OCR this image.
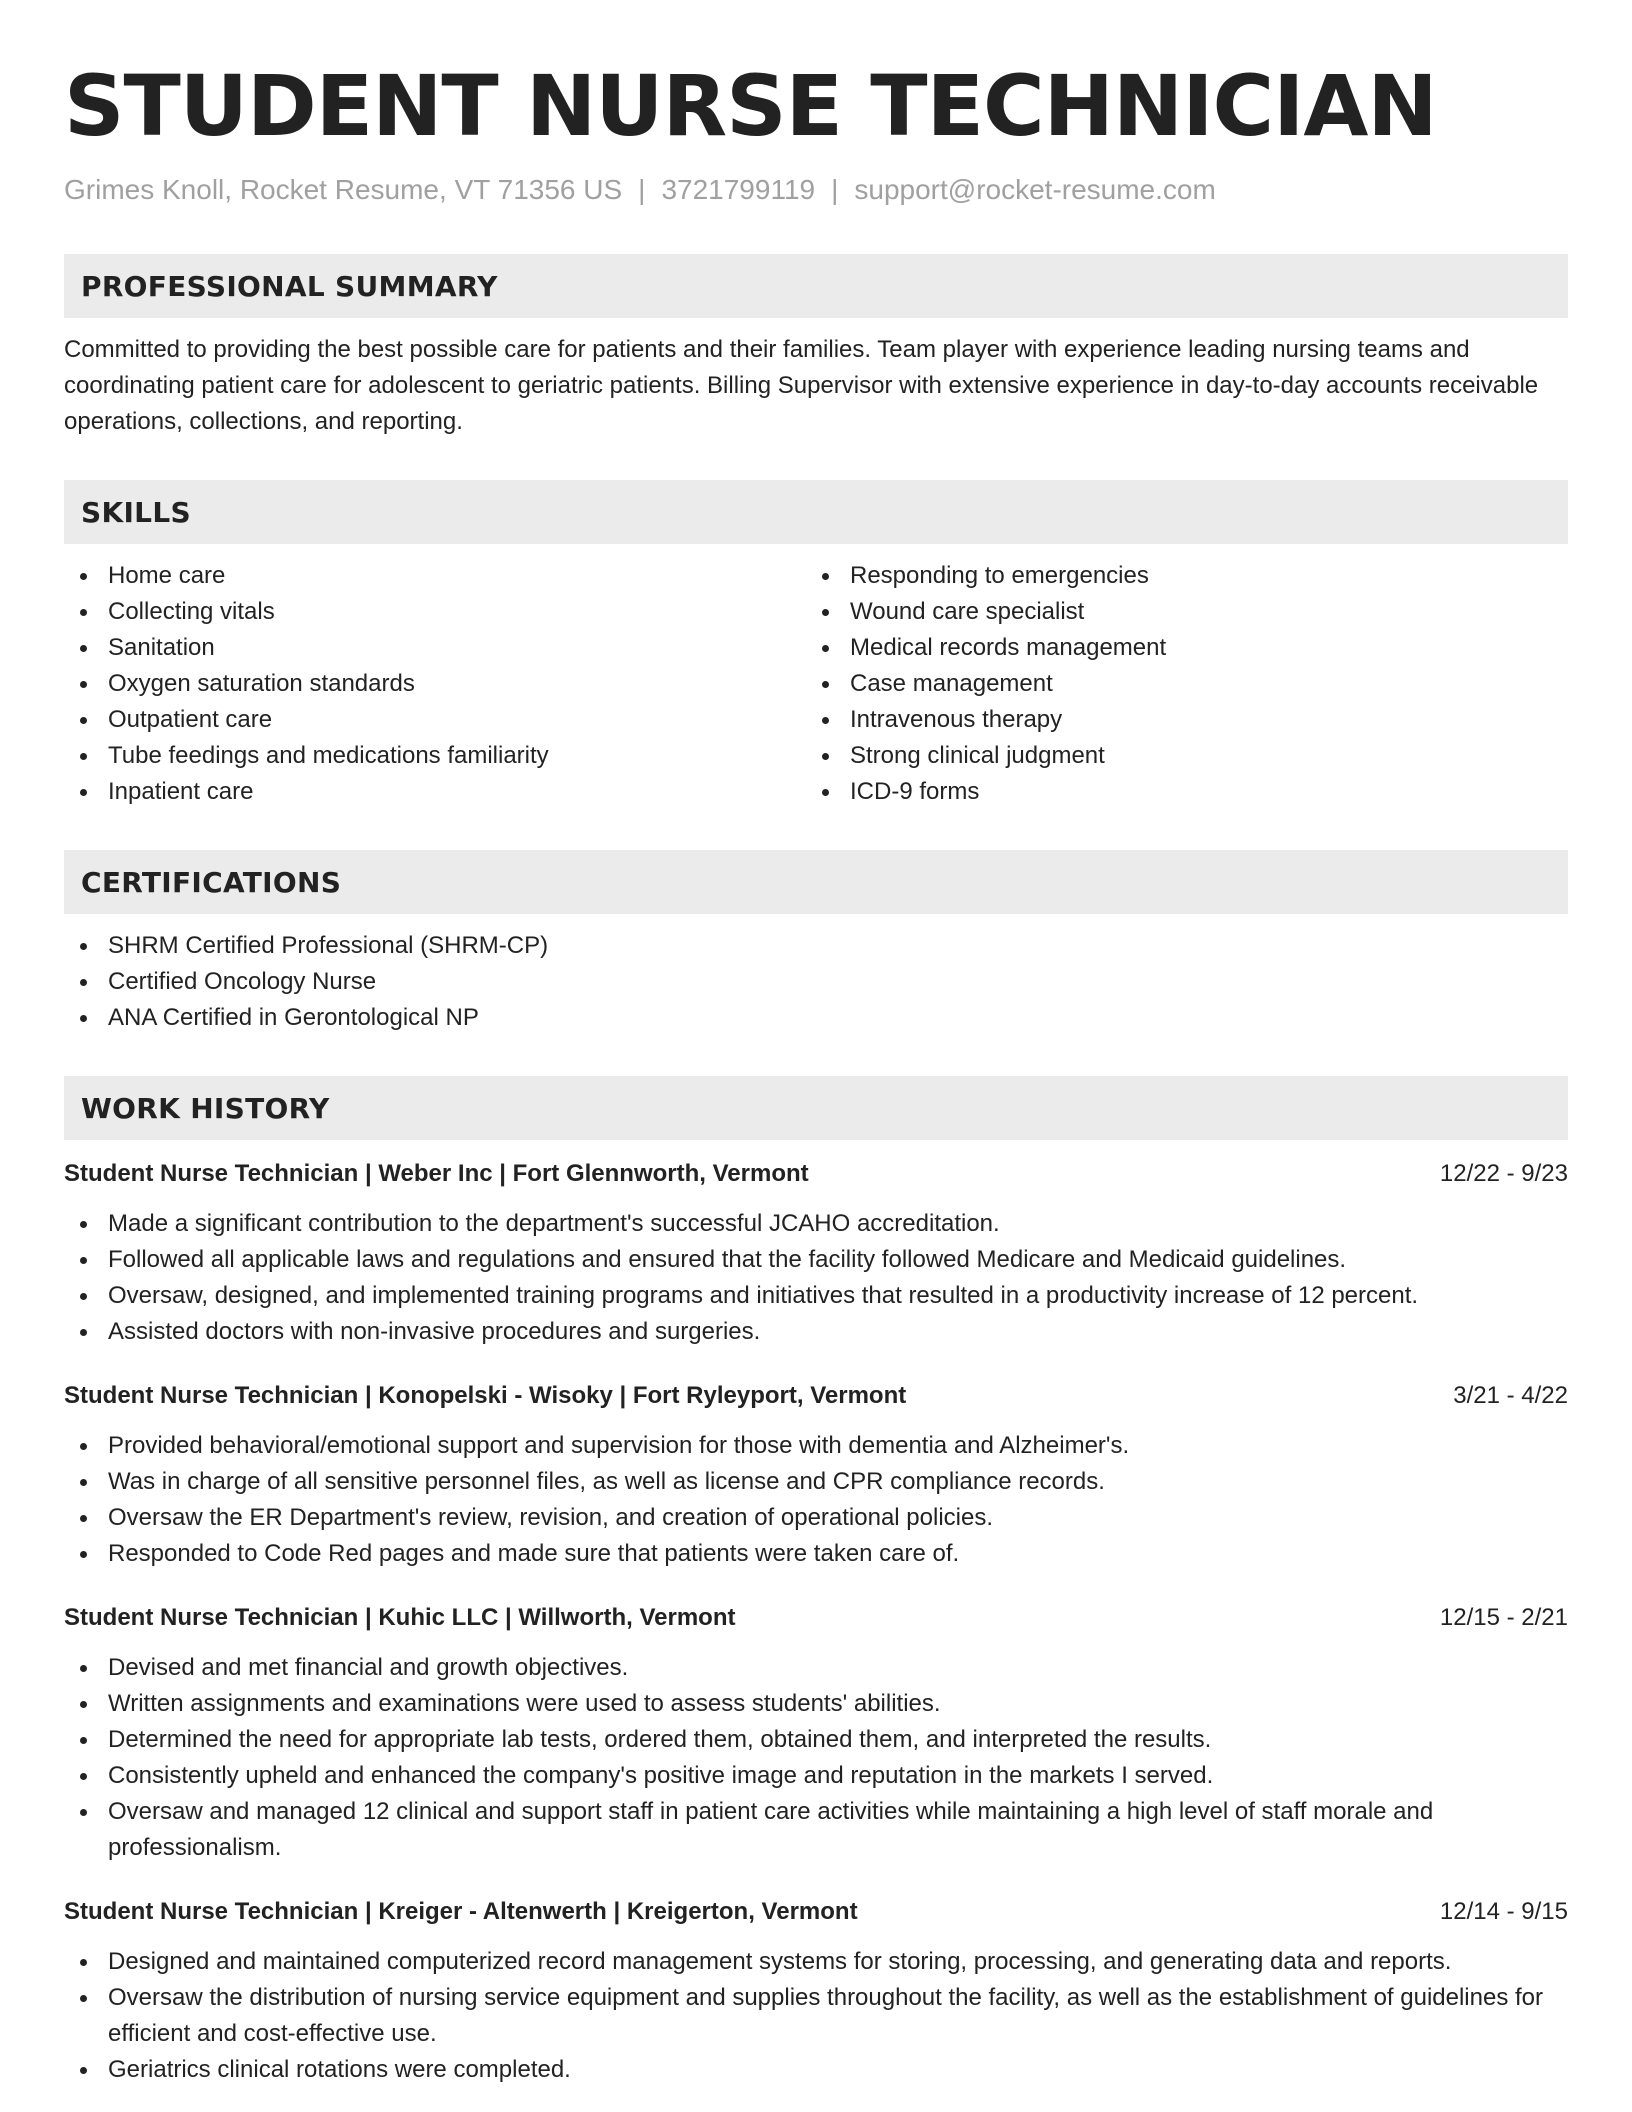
STUDENT NURSE TECHNICIAN
Grimes Knoll, Rocket Resume, VT 71356 US | 3721799119 | support@rocket-resume.com
PROFESSIONAL SUMMARY
Committed to providing the best possible care for patients and their families. Team player with experience leading nursing teams and coordinating patient care for adolescent to geriatric patients. Billing Supervisor with extensive experience in day-to-day accounts receivable operations, collections, and reporting.
SKILLS
Home care
Collecting vitals
Sanitation
Oxygen saturation standards
Outpatient care
Tube feedings and medications familiarity
Inpatient care
Responding to emergencies
Wound care specialist
Medical records management
Case management
Intravenous therapy
Strong clinical judgment
ICD-9 forms
CERTIFICATIONS
SHRM Certified Professional (SHRM-CP)
Certified Oncology Nurse
ANA Certified in Gerontological NP
WORK HISTORY
Student Nurse Technician | Weber Inc | Fort Glennworth, Vermont	12/22 - 9/23
Made a significant contribution to the department's successful JCAHO accreditation.
Followed all applicable laws and regulations and ensured that the facility followed Medicare and Medicaid guidelines.
Oversaw, designed, and implemented training programs and initiatives that resulted in a productivity increase of 12 percent.
Assisted doctors with non-invasive procedures and surgeries.
Student Nurse Technician | Konopelski - Wisoky | Fort Ryleyport, Vermont	3/21 - 4/22
Provided behavioral/emotional support and supervision for those with dementia and Alzheimer's.
Was in charge of all sensitive personnel files, as well as license and CPR compliance records.
Oversaw the ER Department's review, revision, and creation of operational policies.
Responded to Code Red pages and made sure that patients were taken care of.
Student Nurse Technician | Kuhic LLC | Willworth, Vermont	12/15 - 2/21
Devised and met financial and growth objectives.
Written assignments and examinations were used to assess students' abilities.
Determined the need for appropriate lab tests, ordered them, obtained them, and interpreted the results.
Consistently upheld and enhanced the company's positive image and reputation in the markets I served.
Oversaw and managed 12 clinical and support staff in patient care activities while maintaining a high level of staff morale and professionalism.
Student Nurse Technician | Kreiger - Altenwerth | Kreigerton, Vermont	12/14 - 9/15
Designed and maintained computerized record management systems for storing, processing, and generating data and reports.
Oversaw the distribution of nursing service equipment and supplies throughout the facility, as well as the establishment of guidelines for efficient and cost-effective use.
Geriatrics clinical rotations were completed.
